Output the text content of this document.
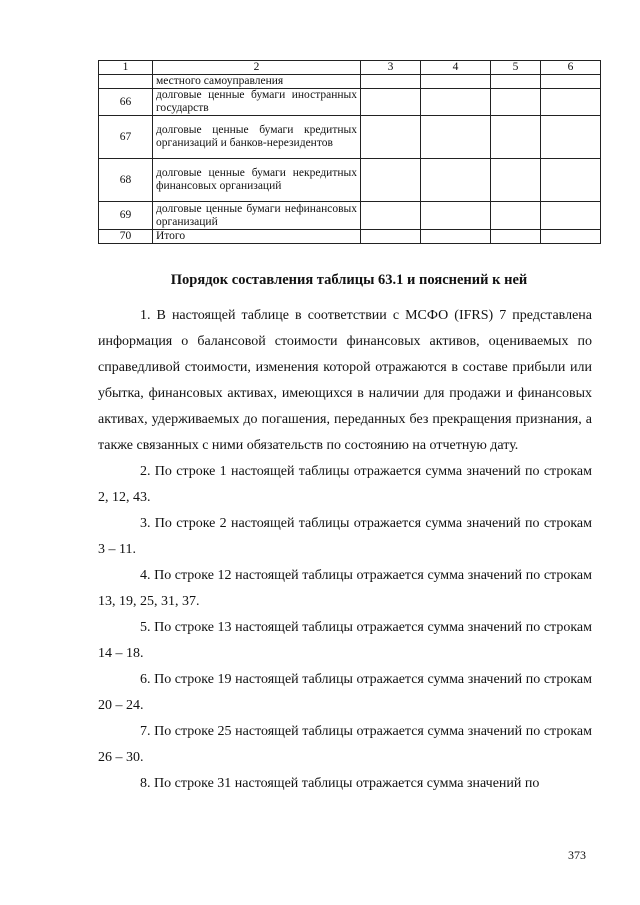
1	2	3	4	5	6
	местного самоуправления				
66	долговые ценные бумаги иностранных государств				
67	долговые ценные бумаги кредитных организаций и банков-нерезидентов				
68	долговые ценные бумаги некредитных финансовых организаций				
69	долговые ценные бумаги нефинансовых организаций				
70	Итого				
Порядок составления таблицы 63.1 и пояснений к ней

1. В настоящей таблице в соответствии с МСФО (IFRS) 7 представлена информация о балансовой стоимости финансовых активов, оцениваемых по справедливой стоимости, изменения которой отражаются в составе прибыли или убытка, финансовых активах, имеющихся в наличии для продажи и финансовых активах, удерживаемых до погашения, переданных без прекращения признания, а также связанных с ними обязательств по состоянию на отчетную дату.

2. По строке 1 настоящей таблицы отражается сумма значений по строкам 2, 12, 43.

3. По строке 2 настоящей таблицы отражается сумма значений по строкам 3 – 11.

4. По строке 12 настоящей таблицы отражается сумма значений по строкам 13, 19, 25, 31, 37.

5. По строке 13 настоящей таблицы отражается сумма значений по строкам 14 – 18.

6. По строке 19 настоящей таблицы отражается сумма значений по строкам 20 – 24.

7. По строке 25 настоящей таблицы отражается сумма значений по строкам 26 – 30.

8. По строке 31 настоящей таблицы отражается сумма значений по

373
